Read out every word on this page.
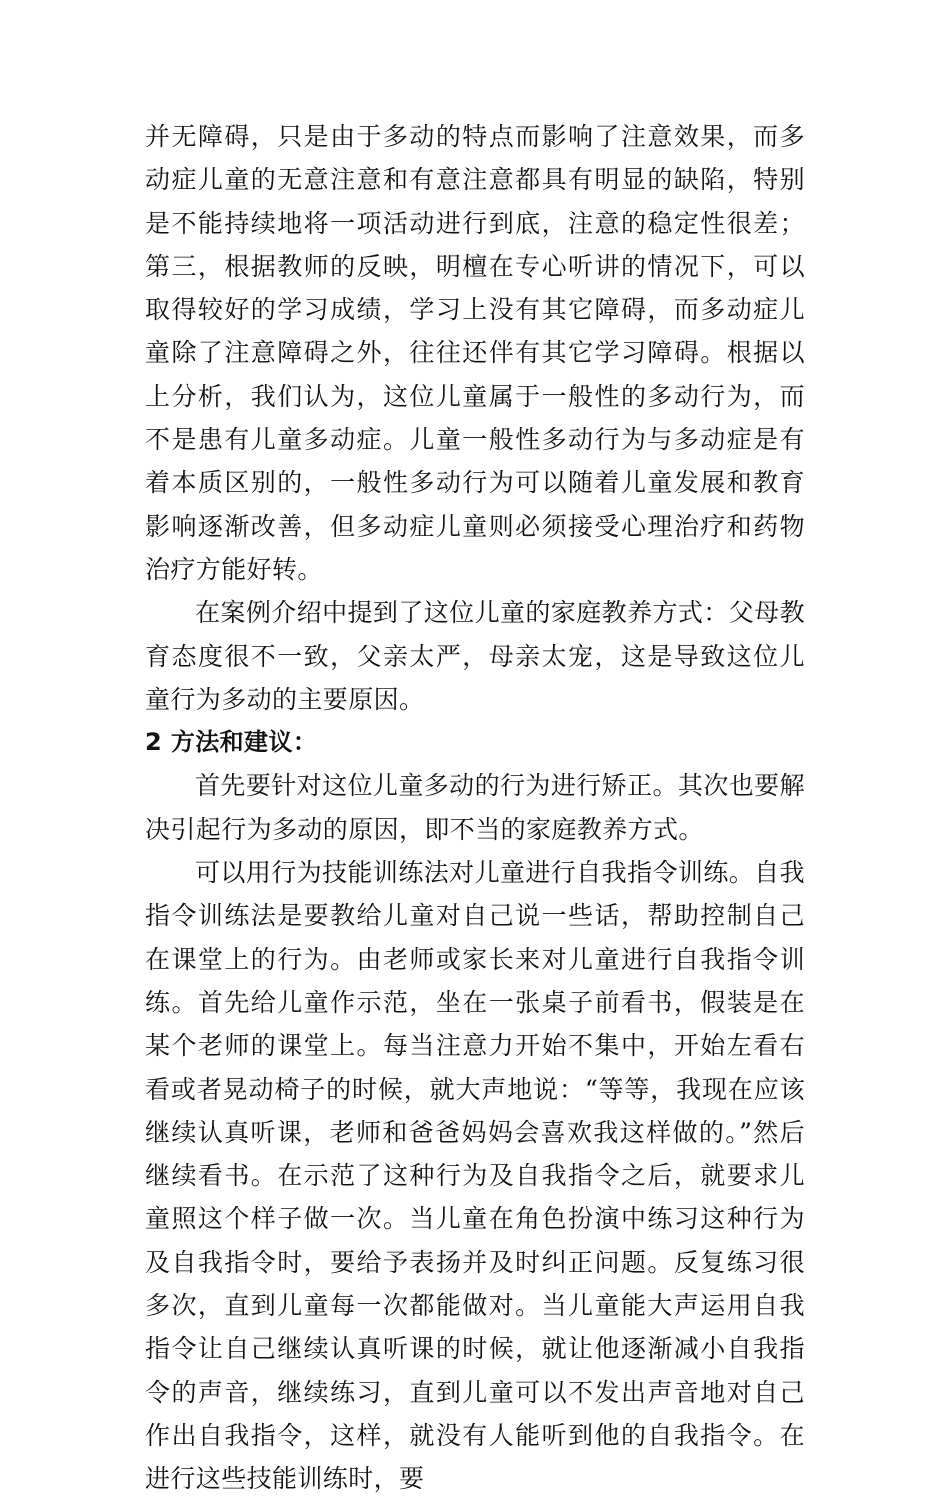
并无障碍，只是由于多动的特点而影响了注意效果，而多动症儿童的无意注意和有意注意都具有明显的缺陷，特别是不能持续地将一项活动进行到底，注意的稳定性很差；第三，根据教师的反映，明檀在专心听讲的情况下，可以取得较好的学习成绩，学习上没有其它障碍，而多动症儿童除了注意障碍之外，往往还伴有其它学习障碍。根据以上分析，我们认为，这位儿童属于一般性的多动行为，而不是患有儿童多动症。儿童一般性多动行为与多动症是有着本质区别的，一般性多动行为可以随着儿童发展和教育影响逐渐改善，但多动症儿童则必须接受心理治疗和药物治疗方能好转。

在案例介绍中提到了这位儿童的家庭教养方式：父母教育态度很不一致，父亲太严，母亲太宠，这是导致这位儿童行为多动的主要原因。

2 方法和建议：

首先要针对这位儿童多动的行为进行矫正。其次也要解决引起行为多动的原因，即不当的家庭教养方式。

可以用行为技能训练法对儿童进行自我指令训练。自我指令训练法是要教给儿童对自己说一些话，帮助控制自己在课堂上的行为。由老师或家长来对儿童进行自我指令训练。首先给儿童作示范，坐在一张桌子前看书，假装是在某个老师的课堂上。每当注意力开始不集中，开始左看右看或者晃动椅子的时候，就大声地说：“等等，我现在应该继续认真听课，老师和爸爸妈妈会喜欢我这样做的。”然后继续看书。在示范了这种行为及自我指令之后，就要求儿童照这个样子做一次。当儿童在角色扮演中练习这种行为及自我指令时，要给予表扬并及时纠正问题。反复练习很多次，直到儿童每一次都能做对。当儿童能大声运用自我指令让自己继续认真听课的时候，就让他逐渐减小自我指令的声音，继续练习，直到儿童可以不发出声音地对自己作出自我指令，这样，就没有人能听到他的自我指令。在进行这些技能训练时，要
